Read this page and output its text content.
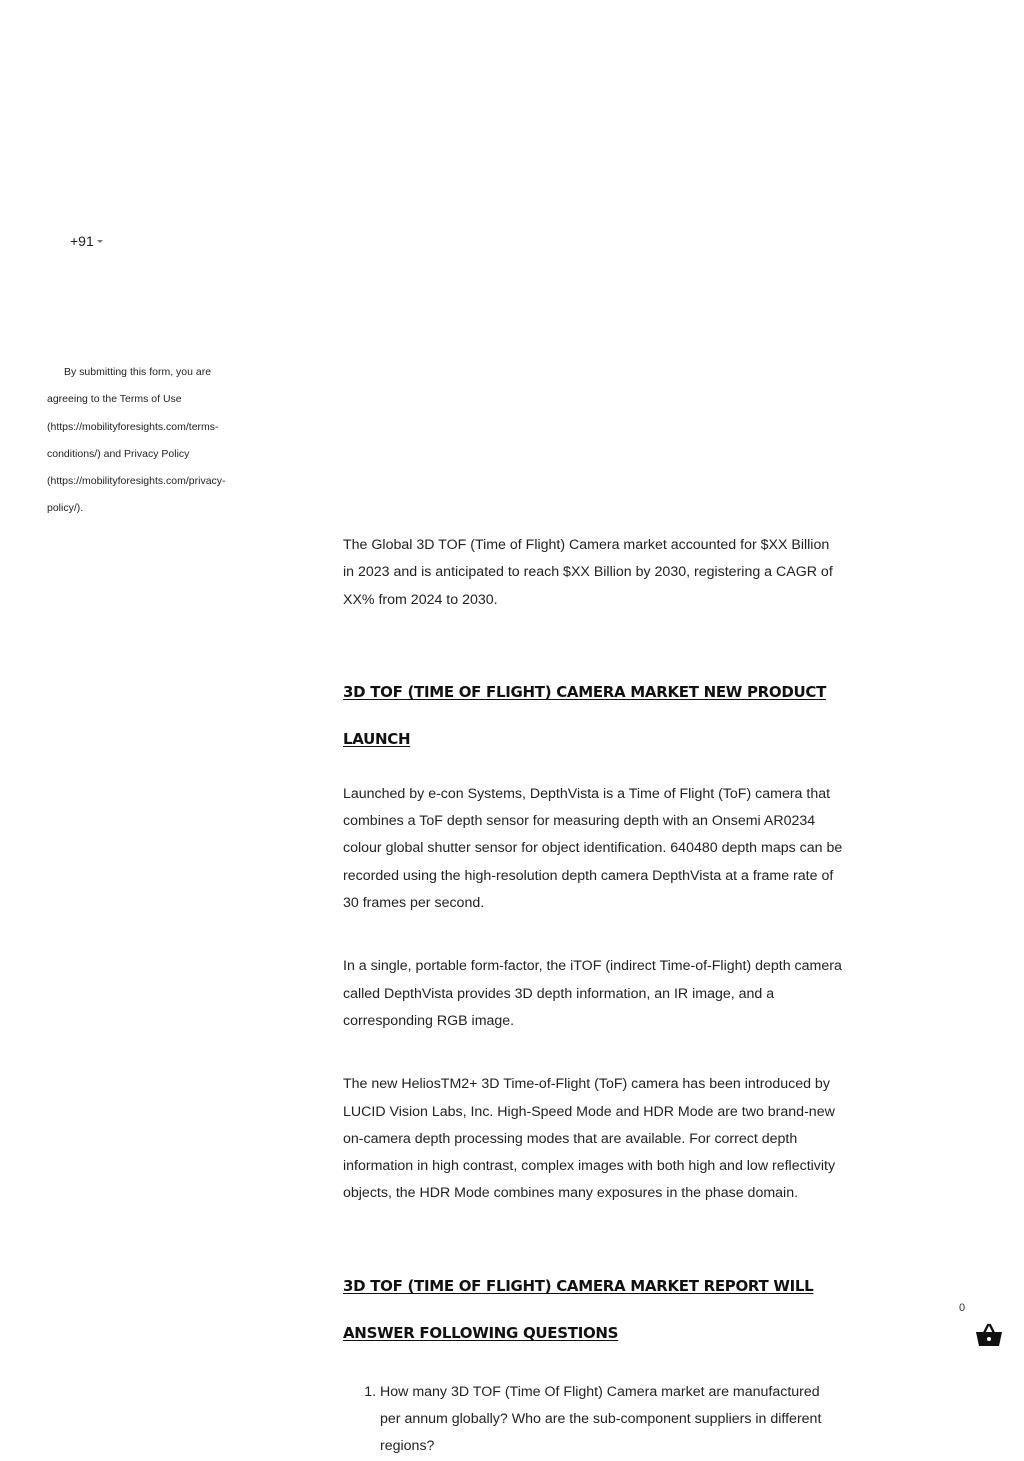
+91
By submitting this form, you are agreeing to the Terms of Use (https://mobilityforesights.com/terms-conditions/) and Privacy Policy (https://mobilityforesights.com/privacy-policy/).

The Global 3D TOF (Time of Flight) Camera market accounted for $XX Billion in 2023 and is anticipated to reach $XX Billion by 2030, registering a CAGR of XX% from 2024 to 2030.

3D TOF (TIME OF FLIGHT) CAMERA MARKET NEW PRODUCT LAUNCH

Launched by e-con Systems, DepthVista is a Time of Flight (ToF) camera that combines a ToF depth sensor for measuring depth with an Onsemi AR0234 colour global shutter sensor for object identification. 640480 depth maps can be recorded using the high-resolution depth camera DepthVista at a frame rate of 30 frames per second.

In a single, portable form-factor, the iTOF (indirect Time-of-Flight) depth camera called DepthVista provides 3D depth information, an IR image, and a corresponding RGB image.

The new HeliosTM2+ 3D Time-of-Flight (ToF) camera has been introduced by LUCID Vision Labs, Inc. High-Speed Mode and HDR Mode are two brand-new on-camera depth processing modes that are available. For correct depth information in high contrast, complex images with both high and low reflectivity objects, the HDR Mode combines many exposures in the phase domain.

3D TOF (TIME OF FLIGHT) CAMERA MARKET REPORT WILL ANSWER FOLLOWING QUESTIONS
1. How many 3D TOF (Time Of Flight) Camera market are manufactured per annum globally? Who are the sub-component suppliers in different regions?
0
